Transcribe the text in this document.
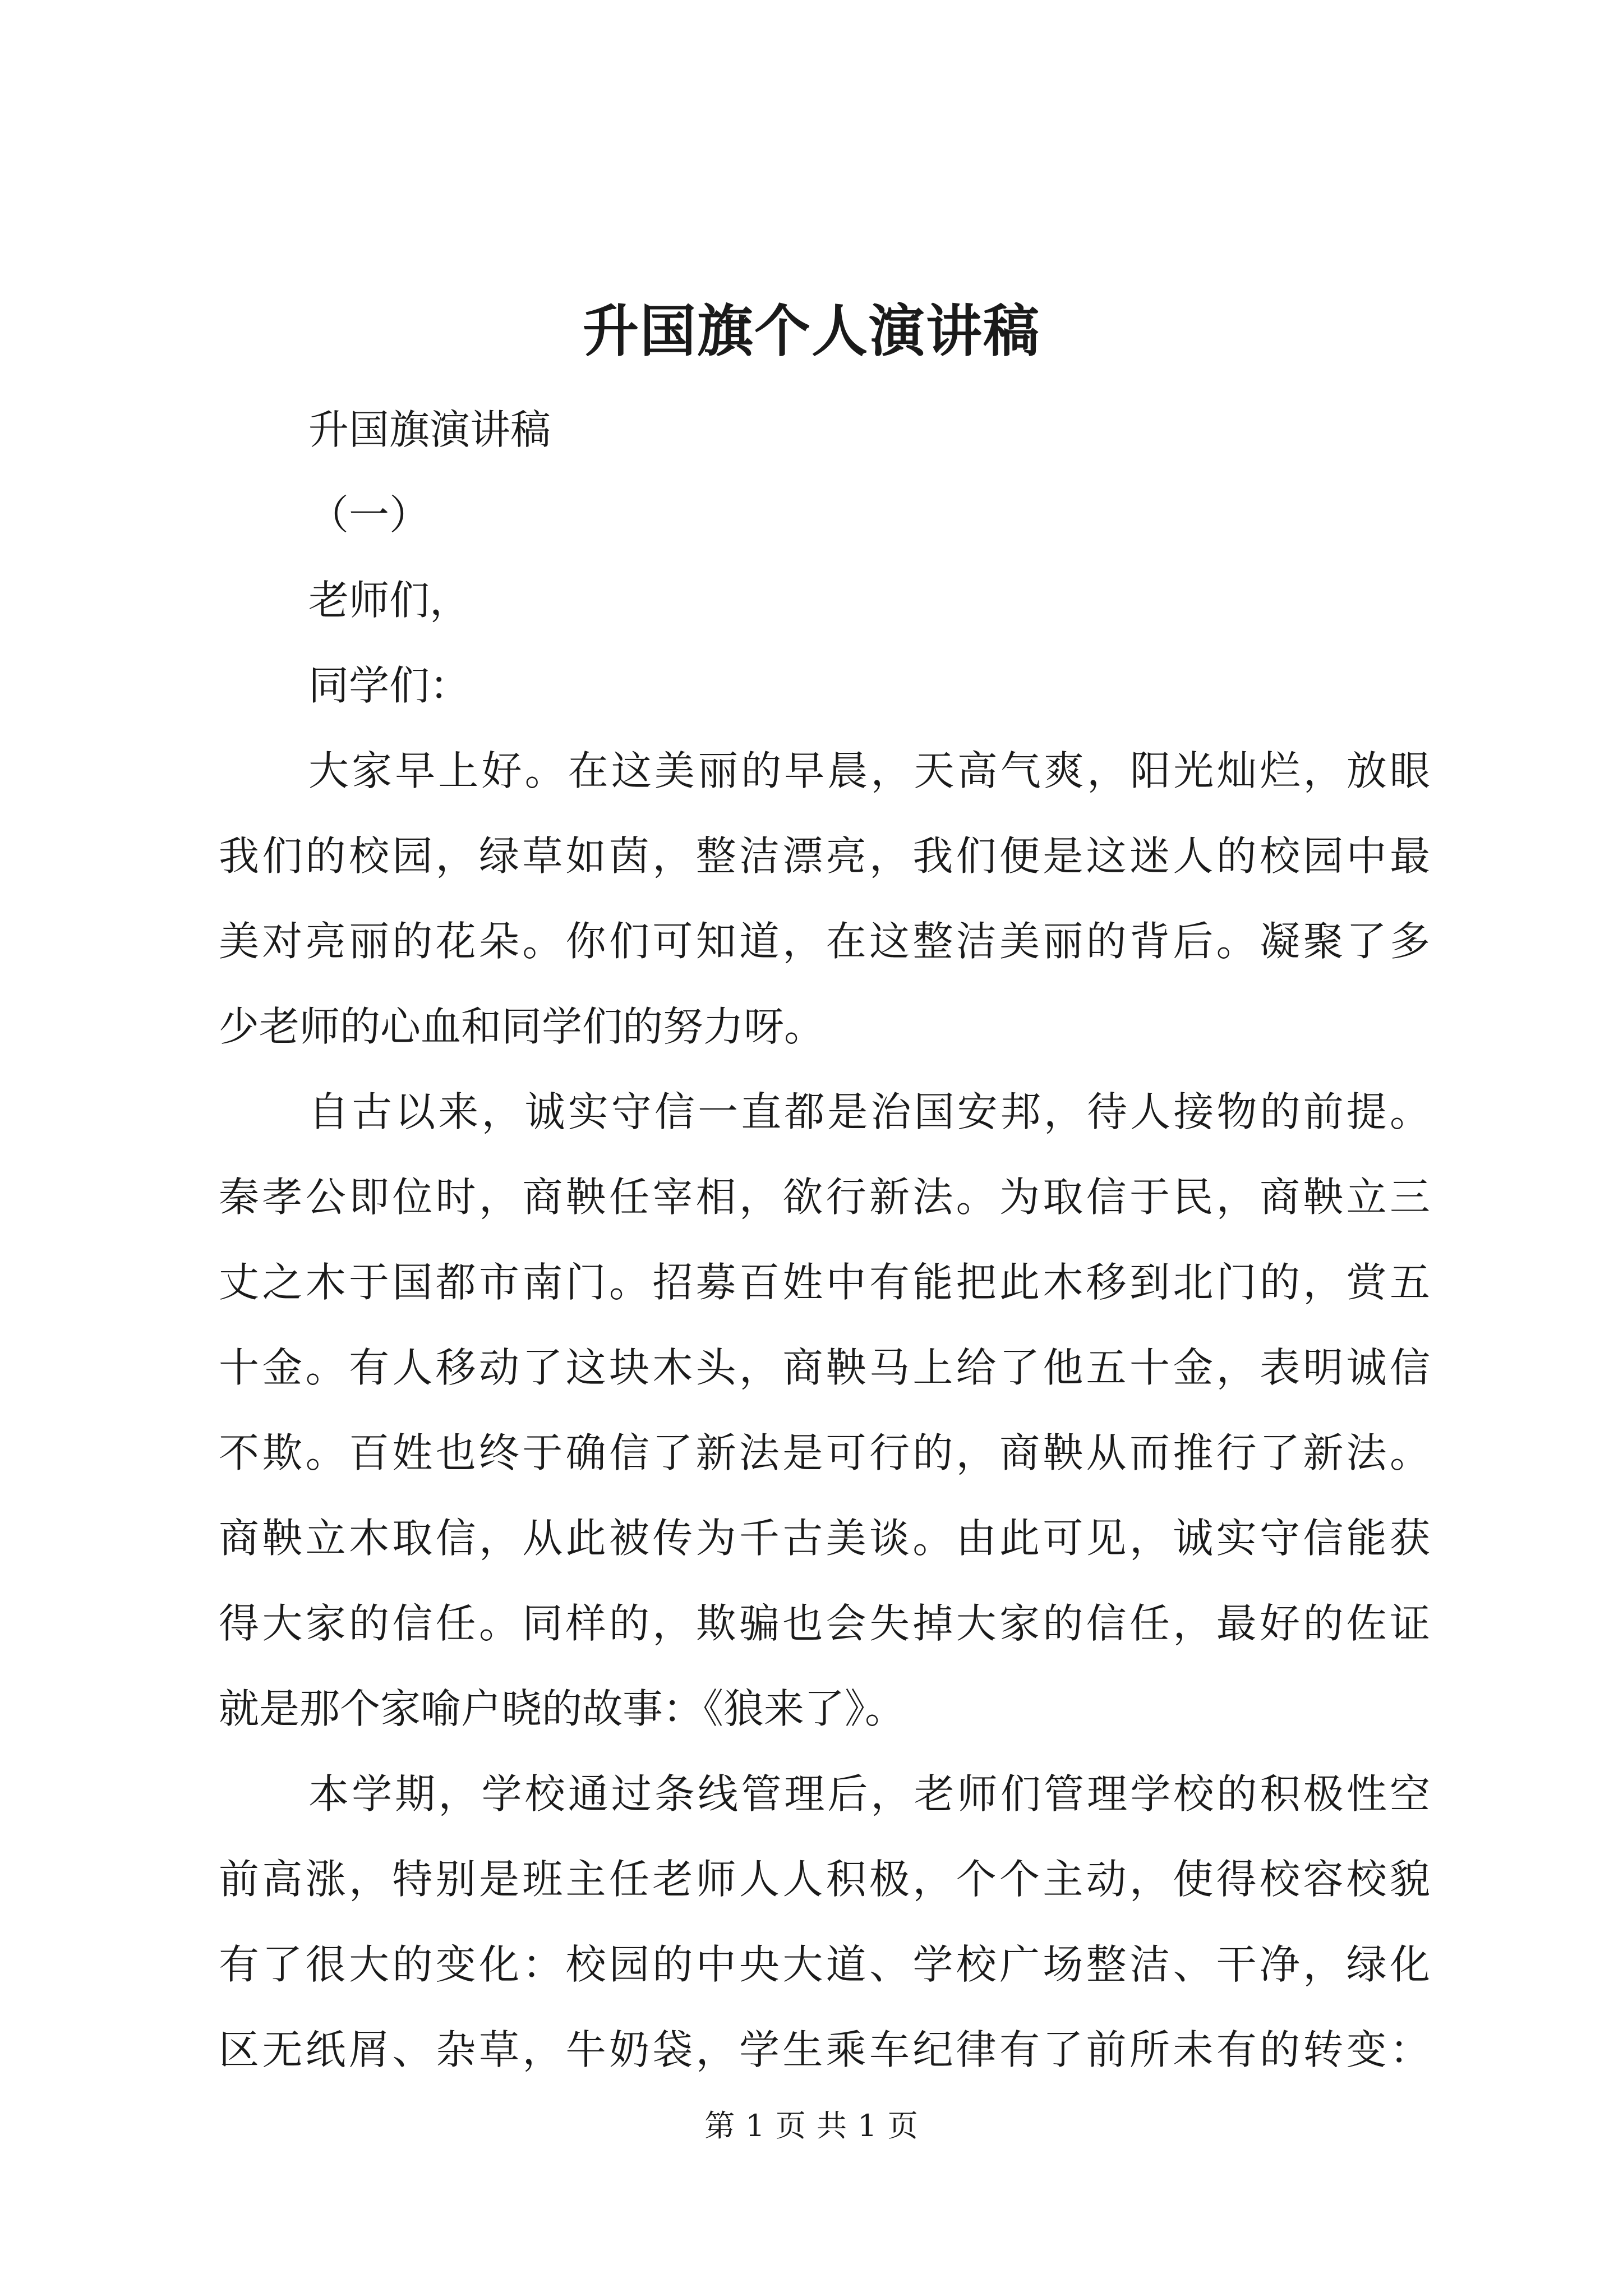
升国旗个人演讲稿
升国旗演讲稿
（一）
老师们，
同学们：
大家早上好。在这美丽的早晨，天高气爽，阳光灿烂，放眼
我们的校园，绿草如茵，整洁漂亮，我们便是这迷人的校园中最
美对亮丽的花朵。你们可知道，在这整洁美丽的背后。凝聚了多
少老师的心血和同学们的努力呀。
自古以来，诚实守信一直都是治国安邦，待人接物的前提。
秦孝公即位时，商鞅任宰相，欲行新法。为取信于民，商鞅立三
丈之木于国都市南门。招募百姓中有能把此木移到北门的，赏五
十金。有人移动了这块木头，商鞅马上给了他五十金，表明诚信
不欺。百姓也终于确信了新法是可行的，商鞅从而推行了新法。
商鞅立木取信，从此被传为千古美谈。由此可见，诚实守信能获
得大家的信任。同样的，欺骗也会失掉大家的信任，最好的佐证
就是那个家喻户晓的故事：《狼来了》。
本学期，学校通过条线管理后，老师们管理学校的积极性空
前高涨，特别是班主任老师人人积极，个个主动，使得校容校貌
有了很大的变化：校园的中央大道、学校广场整洁、干净，绿化
区无纸屑、杂草，牛奶袋，学生乘车纪律有了前所未有的转变：
第 1 页 共 1 页
